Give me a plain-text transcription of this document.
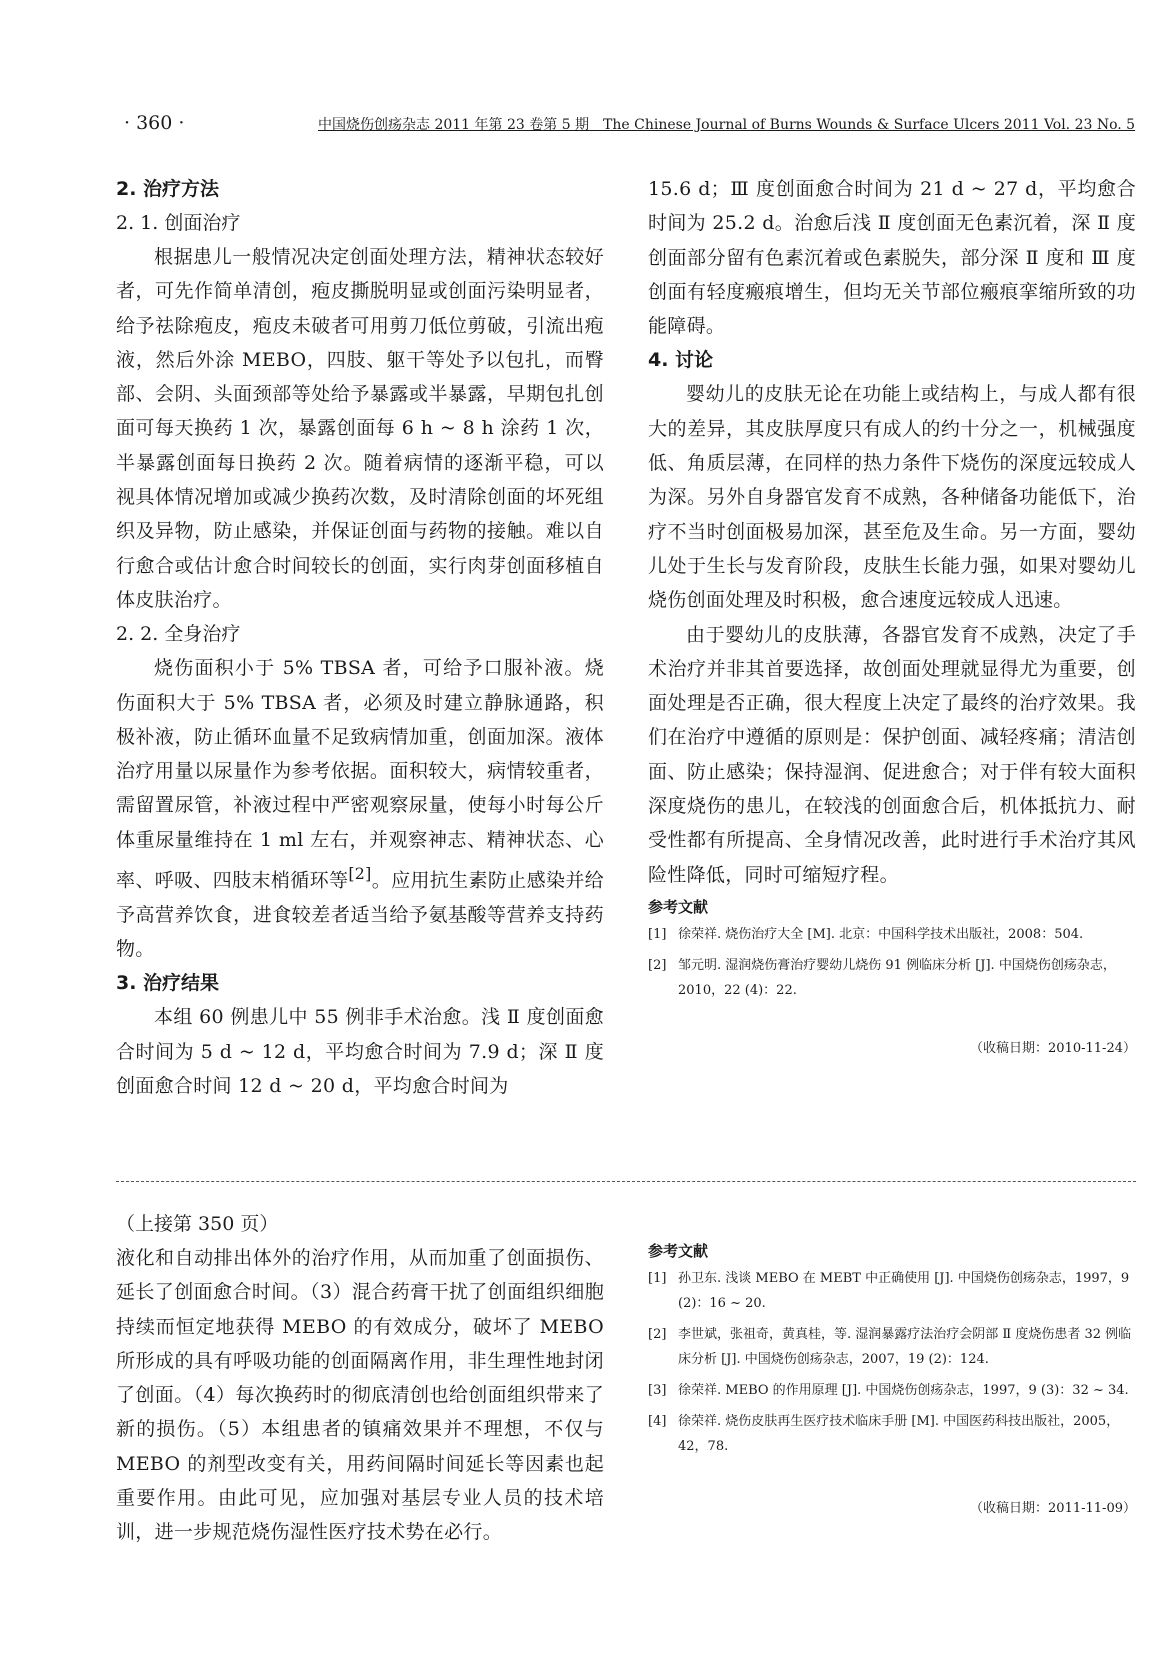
· 360 ·	中国烧伤创疡杂志 2011 年第 23 卷第 5 期　The Chinese Journal of Burns Wounds & Surface Ulcers 2011 Vol. 23 No. 5

2. 治疗方法

2. 1. 创面治疗

根据患儿一般情况决定创面处理方法，精神状态较好者，可先作简单清创，疱皮撕脱明显或创面污染明显者，给予祛除疱皮，疱皮未破者可用剪刀低位剪破，引流出疱液，然后外涂 MEBO，四肢、躯干等处予以包扎，而臀部、会阴、头面颈部等处给予暴露或半暴露，早期包扎创面可每天换药 1 次，暴露创面每 6 h ~ 8 h 涂药 1 次，半暴露创面每日换药 2 次。随着病情的逐渐平稳，可以视具体情况增加或减少换药次数，及时清除创面的坏死组织及异物，防止感染，并保证创面与药物的接触。难以自行愈合或估计愈合时间较长的创面，实行肉芽创面移植自体皮肤治疗。

2. 2. 全身治疗

烧伤面积小于 5% TBSA 者，可给予口服补液。烧伤面积大于 5% TBSA 者，必须及时建立静脉通路，积极补液，防止循环血量不足致病情加重，创面加深。液体治疗用量以尿量作为参考依据。面积较大，病情较重者，需留置尿管，补液过程中严密观察尿量，使每小时每公斤体重尿量维持在 1 ml 左右，并观察神志、精神状态、心率、呼吸、四肢末梢循环等[2]。应用抗生素防止感染并给予高营养饮食，进食较差者适当给予氨基酸等营养支持药物。

3. 治疗结果

本组 60 例患儿中 55 例非手术治愈。浅 Ⅱ 度创面愈合时间为 5 d ~ 12 d，平均愈合时间为 7.9 d；深 Ⅱ 度创面愈合时间 12 d ~ 20 d，平均愈合时间为

15.6 d；Ⅲ 度创面愈合时间为 21 d ~ 27 d，平均愈合时间为 25.2 d。治愈后浅 Ⅱ 度创面无色素沉着，深 Ⅱ 度创面部分留有色素沉着或色素脱失，部分深 Ⅱ 度和 Ⅲ 度创面有轻度瘢痕增生，但均无关节部位瘢痕挛缩所致的功能障碍。

4. 讨论

婴幼儿的皮肤无论在功能上或结构上，与成人都有很大的差异，其皮肤厚度只有成人的约十分之一，机械强度低、角质层薄，在同样的热力条件下烧伤的深度远较成人为深。另外自身器官发育不成熟，各种储备功能低下，治疗不当时创面极易加深，甚至危及生命。另一方面，婴幼儿处于生长与发育阶段，皮肤生长能力强，如果对婴幼儿烧伤创面处理及时积极，愈合速度远较成人迅速。

由于婴幼儿的皮肤薄，各器官发育不成熟，决定了手术治疗并非其首要选择，故创面处理就显得尤为重要，创面处理是否正确，很大程度上决定了最终的治疗效果。我们在治疗中遵循的原则是：保护创面、减轻疼痛；清洁创面、防止感染；保持湿润、促进愈合；对于伴有较大面积深度烧伤的患儿，在较浅的创面愈合后，机体抵抗力、耐受性都有所提高、全身情况改善，此时进行手术治疗其风险性降低，同时可缩短疗程。

参考文献

[1] 徐荣祥. 烧伤治疗大全 [M]. 北京：中国科学技术出版社，2008：504.
[2] 邹元明. 湿润烧伤膏治疗婴幼儿烧伤 91 例临床分析 [J]. 中国烧伤创疡杂志，2010，22 (4)：22.

（收稿日期：2010-11-24）

（上接第 350 页）

液化和自动排出体外的治疗作用，从而加重了创面损伤、延长了创面愈合时间。（3）混合药膏干扰了创面组织细胞持续而恒定地获得 MEBO 的有效成分，破坏了 MEBO 所形成的具有呼吸功能的创面隔离作用，非生理性地封闭了创面。（4）每次换药时的彻底清创也给创面组织带来了新的损伤。（5）本组患者的镇痛效果并不理想，不仅与 MEBO 的剂型改变有关，用药间隔时间延长等因素也起重要作用。由此可见，应加强对基层专业人员的技术培训，进一步规范烧伤湿性医疗技术势在必行。

参考文献

[1] 孙卫东. 浅谈 MEBO 在 MEBT 中正确使用 [J]. 中国烧伤创疡杂志，1997，9 (2)：16 ~ 20.
[2] 李世斌，张祖奇，黄真桂，等. 湿润暴露疗法治疗会阴部 Ⅱ 度烧伤患者 32 例临床分析 [J]. 中国烧伤创疡杂志，2007，19 (2)：124.
[3] 徐荣祥. MEBO 的作用原理 [J]. 中国烧伤创疡杂志，1997，9 (3)：32 ~ 34.
[4] 徐荣祥. 烧伤皮肤再生医疗技术临床手册 [M]. 中国医药科技出版社，2005，42，78.

（收稿日期：2011-11-09）
